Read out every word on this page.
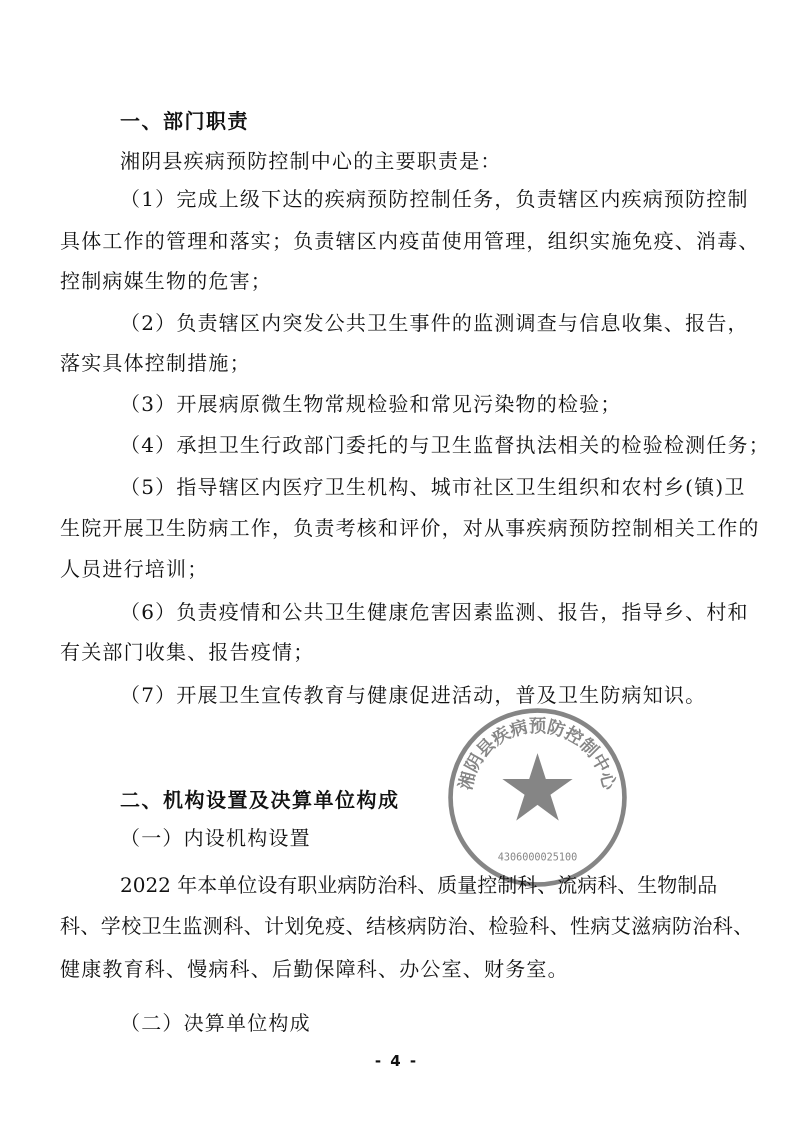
一、部门职责
湘阴县疾病预防控制中心的主要职责是：
（1）完成上级下达的疾病预防控制任务，负责辖区内疾病预防控制
具体工作的管理和落实；负责辖区内疫苗使用管理，组织实施免疫、消毒、
控制病媒生物的危害；
（2）负责辖区内突发公共卫生事件的监测调查与信息收集、报告，
落实具体控制措施；
（3）开展病原微生物常规检验和常见污染物的检验；
（4）承担卫生行政部门委托的与卫生监督执法相关的检验检测任务；
（5）指导辖区内医疗卫生机构、城市社区卫生组织和农村乡(镇)卫
生院开展卫生防病工作，负责考核和评价，对从事疾病预防控制相关工作的
人员进行培训；
（6）负责疫情和公共卫生健康危害因素监测、报告，指导乡、村和
有关部门收集、报告疫情；
（7）开展卫生宣传教育与健康促进活动，普及卫生防病知识。
湘阴县疾病预防控制中心
4306000025100
二、机构设置及决算单位构成
（一）内设机构设置
2022 年本单位设有职业病防治科、质量控制科、流病科、生物制品
科、学校卫生监测科、计划免疫、结核病防治、检验科、性病艾滋病防治科、
健康教育科、慢病科、后勤保障科、办公室、财务室。
（二）决算单位构成
- 4 -
